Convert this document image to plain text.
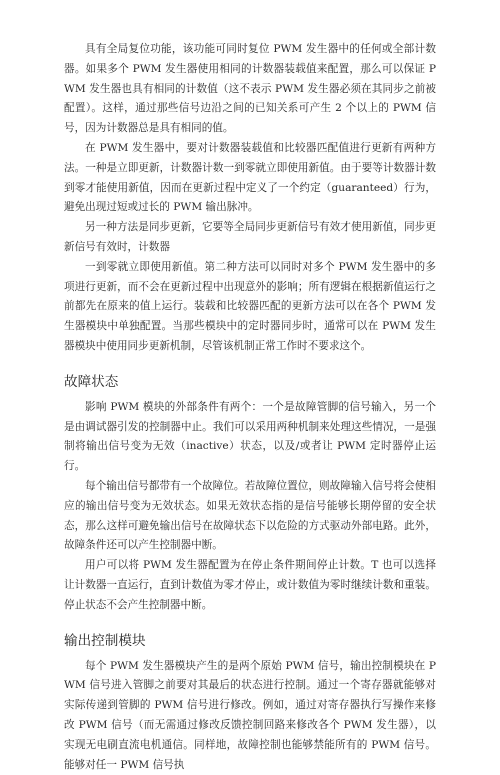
具有全局复位功能，该功能可同时复位 PWM 发生器中的任何或全部计数器。如果多个 PWM 发生器使用相同的计数器装载值来配置，那么可以保证 PWM 发生器也具有相同的计数值（这不表示 PWM 发生器必须在其同步之前被配置）。这样，通过那些信号边沿之间的已知关系可产生 2 个以上的 PWM 信号，因为计数器总是具有相同的值。

在 PWM 发生器中，要对计数器装载值和比较器匹配值进行更新有两种方法。一种是立即更新，计数器计数一到零就立即使用新值。由于要等计数器计数到零才能使用新值，因而在更新过程中定义了一个约定（guaranteed）行为，避免出现过短或过长的 PWM 输出脉冲。

另一种方法是同步更新，它要等全局同步更新信号有效才使用新值，同步更新信号有效时，计数器

一到零就立即使用新值。第二种方法可以同时对多个 PWM 发生器中的多项进行更新，而不会在更新过程中出现意外的影响；所有逻辑在根据新值运行之前都先在原来的值上运行。装载和比较器匹配的更新方法可以在各个 PWM 发生器模块中单独配置。当那些模块中的定时器同步时，通常可以在 PWM 发生器模块中使用同步更新机制，尽管该机制正常工作时不要求这个。

故障状态

影响 PWM 模块的外部条件有两个：一个是故障管脚的信号输入，另一个是由调试器引发的控制器中止。我们可以采用两种机制来处理这些情况，一是强制将输出信号变为无效（inactive）状态，以及/或者让 PWM 定时器停止运行。

每个输出信号都带有一个故障位。若故障位置位，则故障输入信号将会使相应的输出信号变为无效状态。如果无效状态指的是信号能够长期停留的安全状态，那么这样可避免输出信号在故障状态下以危险的方式驱动外部电路。此外，故障条件还可以产生控制器中断。

用户可以将 PWM 发生器配置为在停止条件期间停止计数。T 也可以选择让计数器一直运行，直到计数值为零才停止，或计数值为零时继续计数和重装。停止状态不会产生控制器中断。

输出控制模块

每个 PWM 发生器模块产生的是两个原始 PWM 信号，输出控制模块在 PWM 信号进入管脚之前要对其最后的状态进行控制。通过一个寄存器就能够对实际传递到管脚的 PWM 信号进行修改。例如，通过对寄存器执行写操作来修改 PWM 信号（而无需通过修改反馈控制回路来修改各个 PWM 发生器），以实现无电刷直流电机通信。同样地，故障控制也能够禁能所有的 PWM 信号。能够对任一 PWM 信号执
